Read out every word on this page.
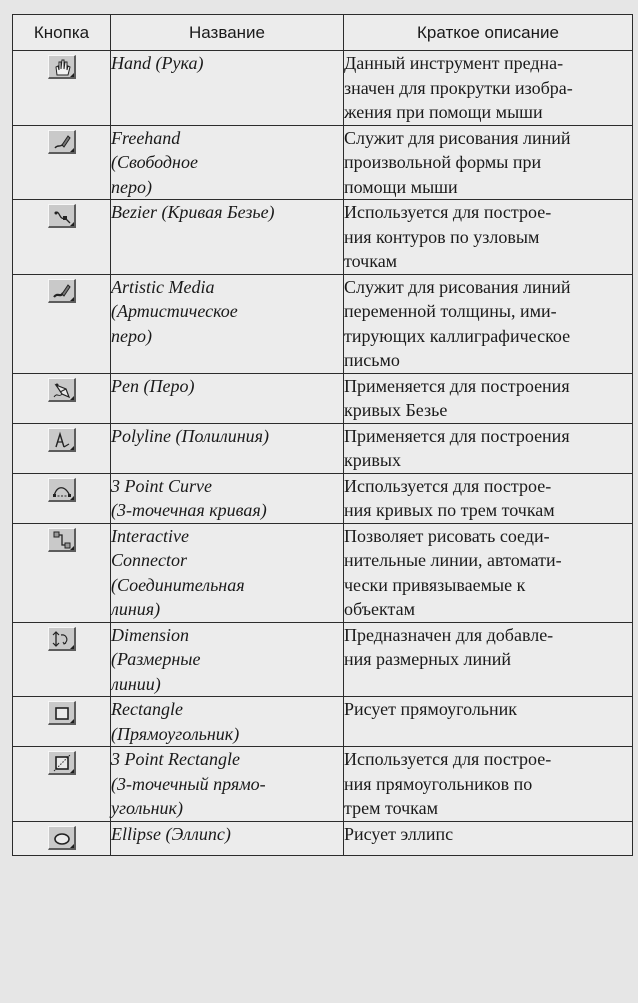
Кнопка	Название	Краткое описание

Hand (Рука)	Данный инструмент предна-
значен для прокрутки изобра-
жения при помощи мыши

Freehand
(Свободное
перо)	Служит для рисования линий
произвольной формы при
помощи мыши

Bezier (Кривая Безье)	Используется для построе-
ния контуров по узловым
точкам

Artistic Media
(Артистическое
перо)	Служит для рисования линий
переменной толщины, ими-
тирующих каллиграфическое
письмо

Pen (Перо)	Применяется для построения
кривых Безье

Polyline (Полилиния)	Применяется для построения
кривых

3 Point Curve
(3-точечная кривая)	Используется для построе-
ния кривых по трем точкам

Interactive
Connector
(Соединительная
линия)	Позволяет рисовать соеди-
нительные линии, автомати-
чески привязываемые к
объектам

Dimension
(Размерные
линии)	Предназначен для добавле-
ния размерных линий

Rectangle
(Прямоугольник)	Рисует прямоугольник

3 Point Rectangle
(3-точечный прямо-
угольник)	Используется для построе-
ния прямоугольников по
трем точкам

Ellipse (Эллипс)	Рисует эллипс
